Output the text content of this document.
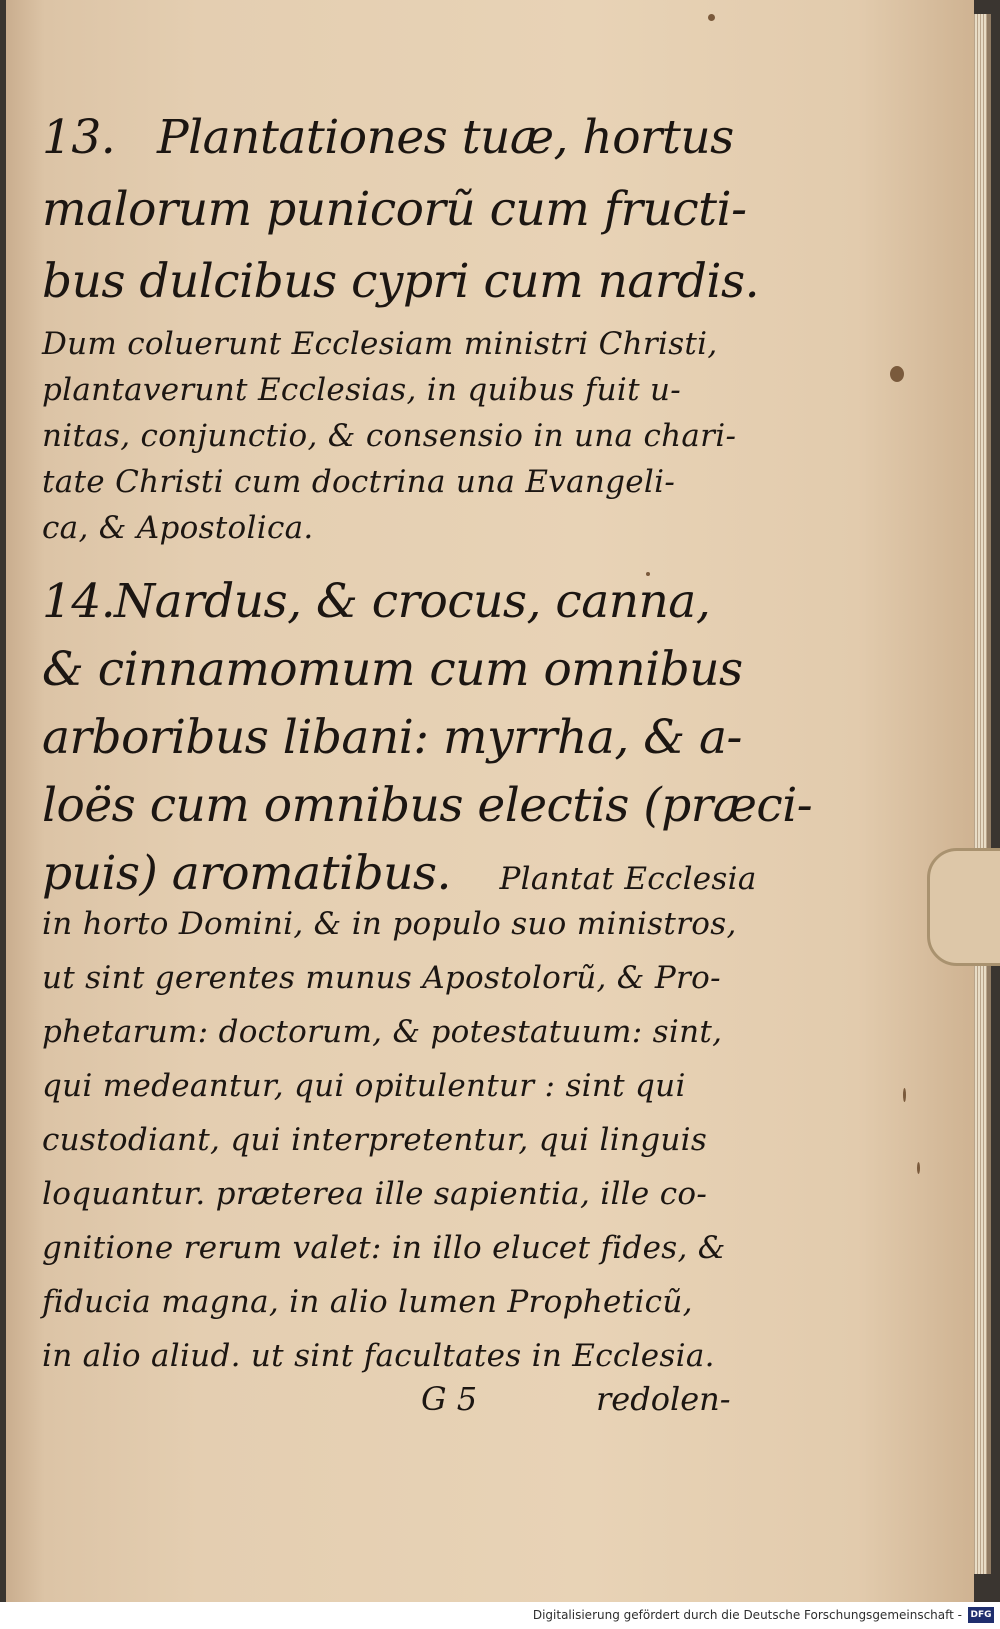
13. Plantationes tuæ, hortus
malorum punicorũ cum fructi-
bus dulcibus cypri cum nardis.
Dum coluerunt Ecclesiam ministri Christi,
plantaverunt Ecclesias, in quibus fuit u-
nitas, conjunctio, & consensio in una chari-
tate Christi cum doctrina una Evangeli-
ca, & Apostolica.
14.Nardus, & crocus, canna,
& cinnamomum cum omnibus
arboribus libani: myrrha, & a-
loës cum omnibus electis (præci-
puis) aromatibus. Plantat Ecclesia
in horto Domini, & in populo suo ministros,
ut sint gerentes munus Apostolorũ, & Pro-
phetarum: doctorum, & potestatuum: sint,
qui medeantur, qui opitulentur : sint qui
custodiant, qui interpretentur, qui linguis
loquantur. præterea ille sapientia, ille co-
gnitione rerum valet: in illo elucet fides, &
fiducia magna, in alio lumen Propheticũ,
in alio aliud. ut sint facultates in Ecclesia.
G 5	redolen-
Digitalisierung gefördert durch die Deutsche Forschungsgemeinschaft - DFG
